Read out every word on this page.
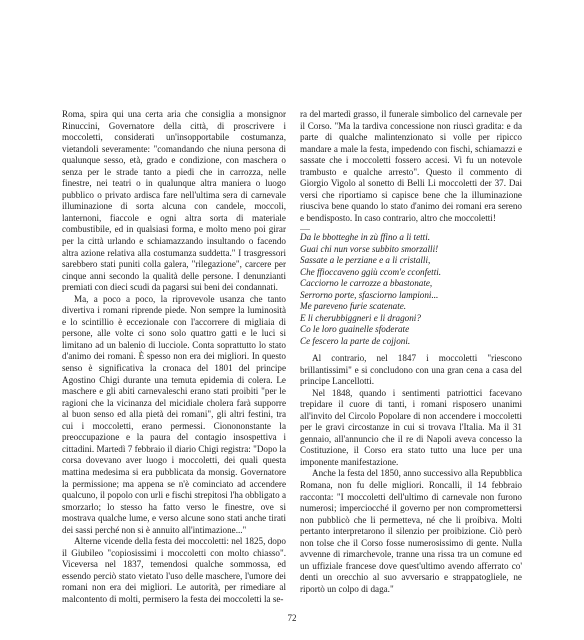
Roma, spira qui una certa aria che consiglia a monsignor Rinuccini, Governatore della città, di proscrivere i moccoletti, considerati un'insopportabile costumanza, vietandoli severamente: "comandando che niuna persona di qualunque sesso, età, grado e condizione, con maschera o senza per le strade tanto a piedi che in carrozza, nelle finestre, nei teatri o in qualunque altra maniera o luogo pubblico o privato ardisca fare nell'ultima sera di carnevale illuminazione di sorta alcuna con candele, moccoli, lanternoni, fiaccole e ogni altra sorta di materiale combustibile, ed in qualsiasi forma, e molto meno poi girar per la città urlando e schiamazzando insultando o facendo altra azione relativa alla costumanza suddetta." I trasgressori sarebbero stati puniti colla galera, "rilegazione", carcere per cinque anni secondo la qualità delle persone. I denunzianti premiati con dieci scudi da pagarsi sui beni dei condannati.

Ma, a poco a poco, la riprovevole usanza che tanto divertiva i romani riprende piede. Non sempre la luminosità e lo scintillio è eccezionale con l'accorrere di migliaia di persone, alle volte ci sono solo quattro gatti e le luci si limitano ad un balenio di lucciole. Conta soprattutto lo stato d'animo dei romani. È spesso non era dei migliori. In questo senso è significativa la cronaca del 1801 del principe Agostino Chigi durante una temuta epidemia di colera. Le maschere e gli abiti carnevaleschi erano stati proibiti "per le ragioni che la vicinanza del micidiale cholera farà supporre al buon senso ed alla pietà dei romani", gli altri festini, tra cui i moccoletti, erano permessi. Cionononstante la preoccupazione e la paura del contagio insospettiva i cittadini. Martedì 7 febbraio il diario Chigi registra: "Dopo la corsa dovevano aver luogo i moccoletti, dei quali questa mattina medesima si era pubblicata da monsig. Governatore la permissione; ma appena se n'è cominciato ad accendere qualcuno, il popolo con urli e fischi strepitosi l'ha obbligato a smorzarlo; lo stesso ha fatto verso le finestre, ove si mostrava qualche lume, e verso alcune sono stati anche tirati dei sassi perché non si è annuito all'intimazione..."

Alterne vicende della festa dei moccoletti: nel 1825, dopo il Giubileo "copiosissimi i moccoletti con molto chiasso". Viceversa nel 1837, temendosi qualche sommossa, ed essendo perciò stato vietato l'uso delle maschere, l'umore dei romani non era dei migliori. Le autorità, per rimediare al malcontento di molti, permisero la festa dei moccoletti la se-

ra del martedì grasso, il funerale simbolico del carnevale per il Corso. "Ma la tardiva concessione non riuscì gradita: e da parte di qualche malintenzionato si volle per ripicco mandare a male la festa, impedendo con fischi, schiamazzi e sassate che i moccoletti fossero accesi. Vi fu un notevole trambusto e qualche arresto". Questo il commento di Giorgio Vigolo al sonetto di Belli Li moccoletti der 37. Dai versi che riportiamo si capisce bene che la illuminazione riusciva bene quando lo stato d'animo dei romani era sereno e bendisposto. In caso contrario, altro che moccoletti!

.....

Da le bbotteghe in zù ffino a li tetti.
Guai chi nun vorse subbito smorzalli!
Sassate a le perziane e a li cristalli,
Che ffioccaveno ggiù ccom'e cconfetti.
Cacciorno le carrozze a bbastonate,
Serrorno porte, sfasciorno lampioni...
Me pareveno furie scatenate.
E li cherubbiggneri e li dragoni?
Co le loro guainelle sfoderate
Ce fescero la parte de cojjoni.

Al contrario, nel 1847 i moccoletti "riescono brillantissimi" e si concludono con una gran cena a casa del principe Lancellotti.

Nel 1848, quando i sentimenti patriottici facevano trepidare il cuore di tanti, i romani risposero unanimi all'invito del Circolo Popolare di non accendere i moccoletti per le gravi circostanze in cui si trovava l'Italia. Ma il 31 gennaio, all'annuncio che il re di Napoli aveva concesso la Costituzione, il Corso era stato tutto una luce per una imponente manifestazione.

Anche la festa del 1850, anno successivo alla Repubblica Romana, non fu delle migliori. Roncalli, il 14 febbraio racconta: "I moccoletti dell'ultimo di carnevale non furono numerosi; imperciocché il governo per non compromettersi non pubblicò che li permetteva, né che li proibiva. Molti pertanto interpretarono il silenzio per proibizione. Ciò però non tolse che il Corso fosse numerosissimo di gente. Nulla avvenne di rimarchevole, tranne una rissa tra un comune ed un uffiziale francese dove quest'ultimo avendo afferrato co' denti un orecchio al suo avversario e strappatogliele, ne riportò un colpo di daga."

72
